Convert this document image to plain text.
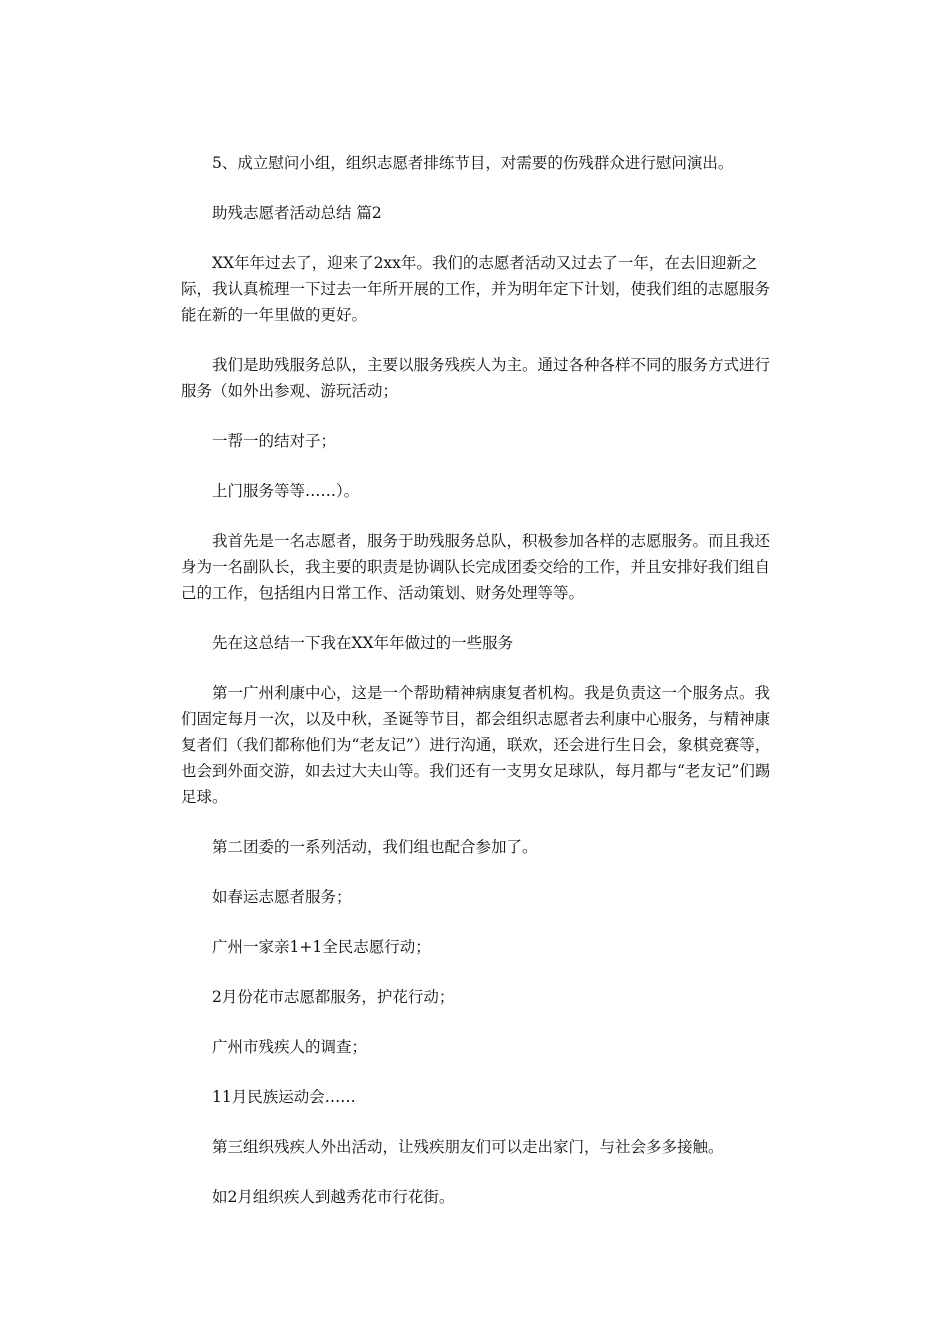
5、成立慰问小组，组织志愿者排练节目，对需要的伤残群众进行慰问演出。

助残志愿者活动总结 篇2

XX年年过去了，迎来了2xx年。我们的志愿者活动又过去了一年，在去旧迎新之际，我认真梳理一下过去一年所开展的工作，并为明年定下计划，使我们组的志愿服务能在新的一年里做的更好。

我们是助残服务总队，主要以服务残疾人为主。通过各种各样不同的服务方式进行服务（如外出参观、游玩活动；

一帮一的结对子；

上门服务等等……）。

我首先是一名志愿者，服务于助残服务总队，积极参加各样的志愿服务。而且我还身为一名副队长，我主要的职责是协调队长完成团委交给的工作，并且安排好我们组自己的工作，包括组内日常工作、活动策划、财务处理等等。

先在这总结一下我在XX年年做过的一些服务

第一广州利康中心，这是一个帮助精神病康复者机构。我是负责这一个服务点。我们固定每月一次，以及中秋，圣诞等节目，都会组织志愿者去利康中心服务，与精神康复者们（我们都称他们为“老友记”）进行沟通，联欢，还会进行生日会，象棋竞赛等，也会到外面交游，如去过大夫山等。我们还有一支男女足球队，每月都与“老友记”们踢足球。

第二团委的一系列活动，我们组也配合参加了。

如春运志愿者服务；

广州一家亲1+1全民志愿行动；

2月份花市志愿都服务，护花行动；

广州市残疾人的调查；

11月民族运动会……

第三组织残疾人外出活动，让残疾朋友们可以走出家门，与社会多多接触。

如2月组织疾人到越秀花市行花街。
